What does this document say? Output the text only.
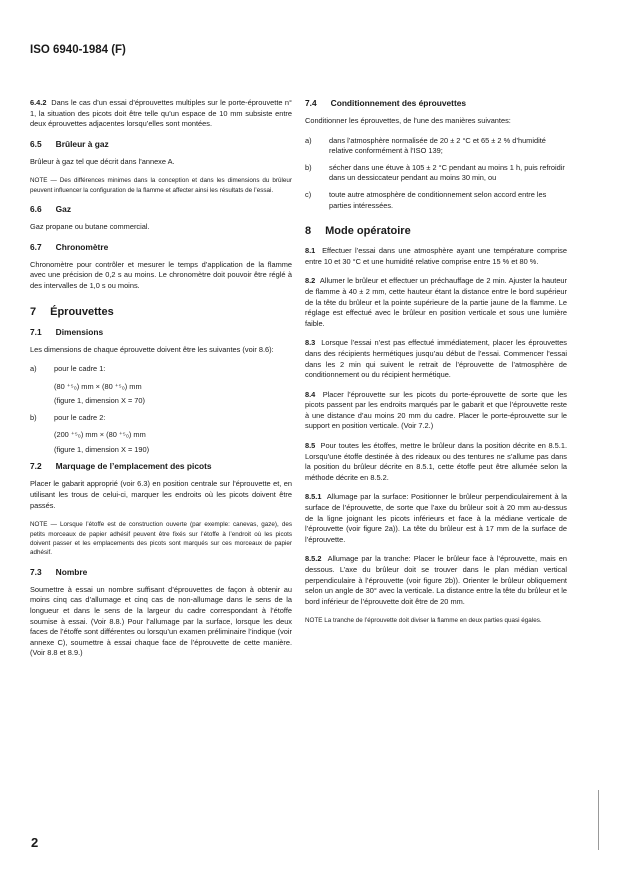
ISO 6940-1984 (F)

6.4.2 Dans le cas d’un essai d’éprouvettes multiples sur le porte-éprouvette n° 1, la situation des picots doit être telle qu’un espace de 10 mm subsiste entre deux éprouvettes adjacentes lorsqu’elles sont montées.

6.5 Brûleur à gaz

Brûleur à gaz tel que décrit dans l’annexe A.

NOTE — Des différences minimes dans la conception et dans les dimensions du brûleur peuvent influencer la configuration de la flamme et affecter ainsi les résultats de l’essai.

6.6 Gaz

Gaz propane ou butane commercial.

6.7 Chronomètre

Chronomètre pour contrôler et mesurer le temps d’application de la flamme avec une précision de 0,2 s au moins. Le chronomètre doit pouvoir être réglé à des intervalles de 1,0 s ou moins.

7 Éprouvettes
7.1 Dimensions

Les dimensions de chaque éprouvette doivent être les suivantes (voir 8.6):

a)	pour le cadre 1:
(80 ⁺⁵₀) mm × (80 ⁺⁵₀) mm
(figure 1, dimension X = 70)
b)	pour le cadre 2:
(200 ⁺⁵₀) mm × (80 ⁺⁵₀) mm
(figure 1, dimension X = 190)
7.2 Marquage de l’emplacement des picots

Placer le gabarit approprié (voir 6.3) en position centrale sur l’éprouvette et, en utilisant les trous de celui-ci, marquer les endroits où les picots doivent être passés.

NOTE — Lorsque l’étoffe est de construction ouverte (par exemple: canevas, gaze), des petits morceaux de papier adhésif peuvent être fixés sur l’étoffe à l’endroit où les picots doivent passer et les emplacements des picots sont marqués sur ces morceaux de papier adhésif.

7.3 Nombre

Soumettre à essai un nombre suffisant d’éprouvettes de façon à obtenir au moins cinq cas d’allumage et cinq cas de non-allumage dans le sens de la longueur et dans le sens de la largeur du cadre correspondant à l’étoffe soumise à essai. (Voir 8.8.) Pour l’allumage par la surface, lorsque les deux faces de l’étoffe sont différentes ou lorsqu’un examen préliminaire l’indique (voir annexe C), soumettre à essai chaque face de l’éprouvette de cette manière. (Voir 8.8 et 8.9.)

7.4 Conditionnement des éprouvettes

Conditionner les éprouvettes, de l’une des manières suivantes:

a)	dans l’atmosphère normalisée de 20 ± 2 °C et 65 ± 2 % d’humidité relative conformément à l’ISO 139;
b)	sécher dans une étuve à 105 ± 2 °C pendant au moins 1 h, puis refroidir dans un dessiccateur pendant au moins 30 min, ou
c)	toute autre atmosphère de conditionnement selon accord entre les parties intéressées.
8 Mode opératoire

8.1 Effectuer l’essai dans une atmosphère ayant une température comprise entre 10 et 30 °C et une humidité relative comprise entre 15 % et 80 %.

8.2 Allumer le brûleur et effectuer un préchauffage de 2 min. Ajuster la hauteur de flamme à 40 ± 2 mm, cette hauteur étant la distance entre le bord supérieur de la tête du brûleur et la pointe supérieure de la partie jaune de la flamme. Le réglage est effectué avec le brûleur en position verticale et sous une lumière faible.

8.3 Lorsque l’essai n’est pas effectué immédiatement, placer les éprouvettes dans des récipients hermétiques jusqu’au début de l’essai. Commencer l’essai dans les 2 min qui suivent le retrait de l’éprouvette de l’atmosphère de conditionnement ou du récipient hermétique.

8.4 Placer l’éprouvette sur les picots du porte-éprouvette de sorte que les picots passent par les endroits marqués par le gabarit et que l’éprouvette reste à une distance d’au moins 20 mm du cadre. Placer le porte-éprouvette sur le support en position verticale. (Voir 7.2.)

8.5 Pour toutes les étoffes, mettre le brûleur dans la position décrite en 8.5.1. Lorsqu’une étoffe destinée à des rideaux ou des tentures ne s’allume pas dans la position du brûleur décrite en 8.5.1, cette étoffe peut être allumée selon la méthode décrite en 8.5.2.

8.5.1 Allumage par la surface: Positionner le brûleur perpendiculairement à la surface de l’éprouvette, de sorte que l’axe du brûleur soit à 20 mm au-dessus de la ligne joignant les picots inférieurs et face à la médiane verticale de l’éprouvette (voir figure 2a)). La tête du brûleur est à 17 mm de la surface de l’éprouvette.

8.5.2 Allumage par la tranche: Placer le brûleur face à l’éprouvette, mais en dessous. L’axe du brûleur doit se trouver dans le plan médian vertical perpendiculaire à l’éprouvette (voir figure 2b)). Orienter le brûleur obliquement selon un angle de 30° avec la verticale. La distance entre la tête du brûleur et le bord inférieur de l’éprouvette doit être de 20 mm.

NOTE La tranche de l’éprouvette doit diviser la flamme en deux parties quasi égales.

2
